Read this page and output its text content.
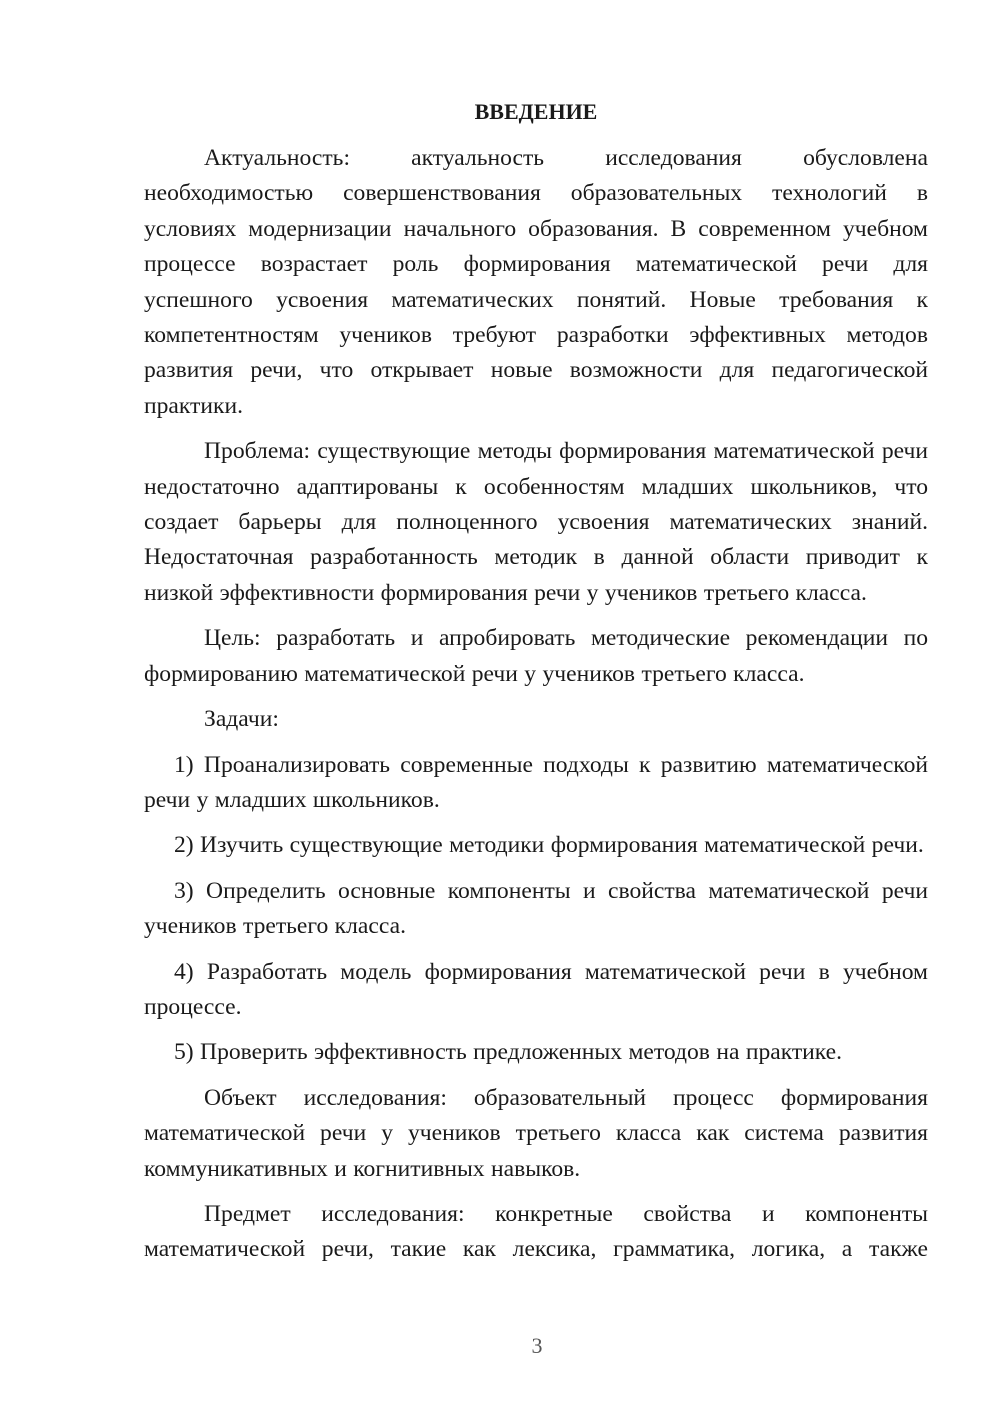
ВВЕДЕНИЕ

Актуальность: актуальность исследования обусловлена необходимостью совершенствования образовательных технологий в условиях модернизации начального образования. В современном учебном процессе возрастает роль формирования математической речи для успешного усвоения математических понятий. Новые требования к компетентностям учеников требуют разработки эффективных методов развития речи, что открывает новые возможности для педагогической практики.

Проблема: существующие методы формирования математической речи недостаточно адаптированы к особенностям младших школьников, что создает барьеры для полноценного усвоения математических знаний. Недостаточная разработанность методик в данной области приводит к низкой эффективности формирования речи у учеников третьего класса.

Цель: разработать и апробировать методические рекомендации по формированию математической речи у учеников третьего класса.

Задачи:

1) Проанализировать современные подходы к развитию математической речи у младших школьников.

2) Изучить существующие методики формирования математической речи.

3) Определить основные компоненты и свойства математической речи учеников третьего класса.

4) Разработать модель формирования математической речи в учебном процессе.

5) Проверить эффективность предложенных методов на практике.

Объект исследования: образовательный процесс формирования математической речи у учеников третьего класса как система развития коммуникативных и когнитивных навыков.

Предмет исследования: конкретные свойства и компоненты математической речи, такие как лексика, грамматика, логика, а также

3
